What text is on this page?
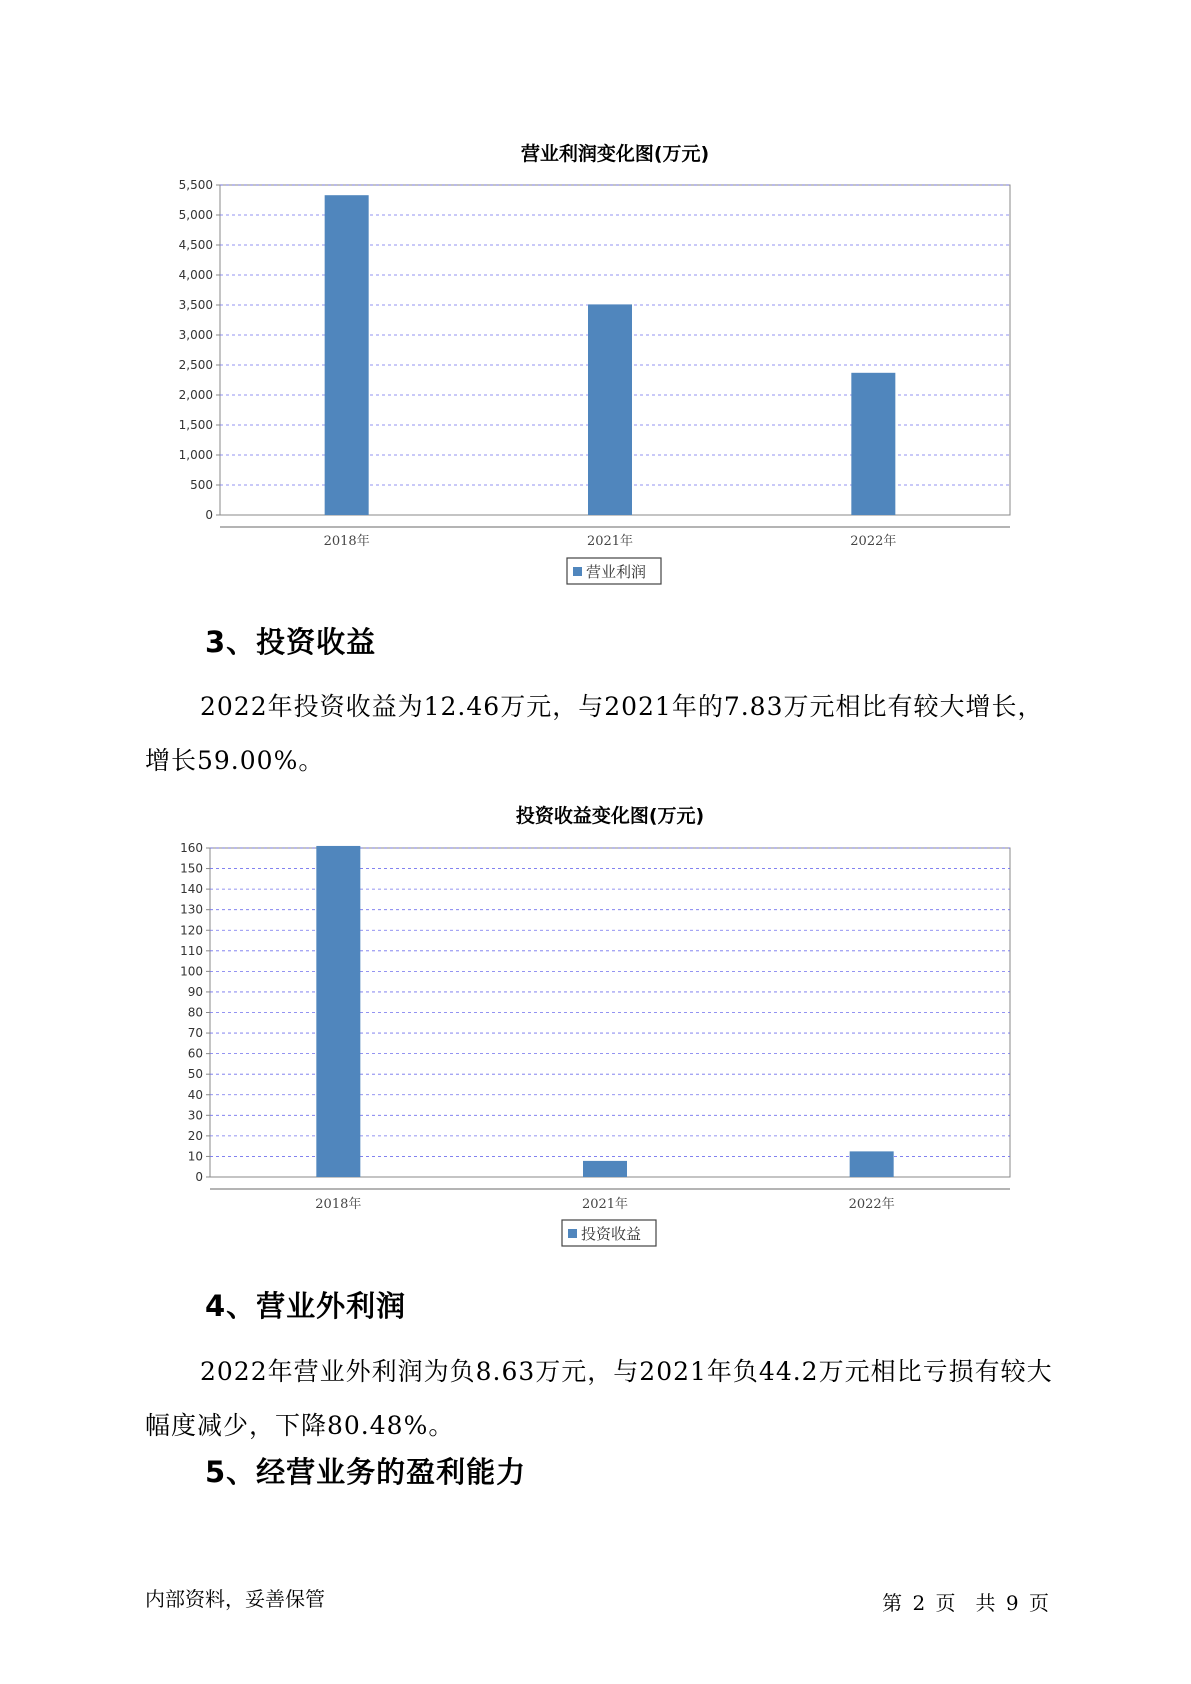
营业利润变化图(万元)
0
500
1,000
1,500
2,000
2,500
3,000
3,500
4,000
4,500
5,000
5,500
2018年	2021年	2022年
营业利润
3、投资收益

2022年投资收益为12.46万元，与2021年的7.83万元相比有较大增长，增长59.00%。

投资收益变化图(万元)
0
10
20
30
40
50
60
70
80
90
100
110
120
130
140
150
160
2018年	2021年	2022年
投资收益
4、营业外利润

2022年营业外利润为负8.63万元，与2021年负44.2万元相比亏损有较大幅度减少，下降80.48%。

5、经营业务的盈利能力
内部资料，妥善保管	第 2 页　共 9 页
